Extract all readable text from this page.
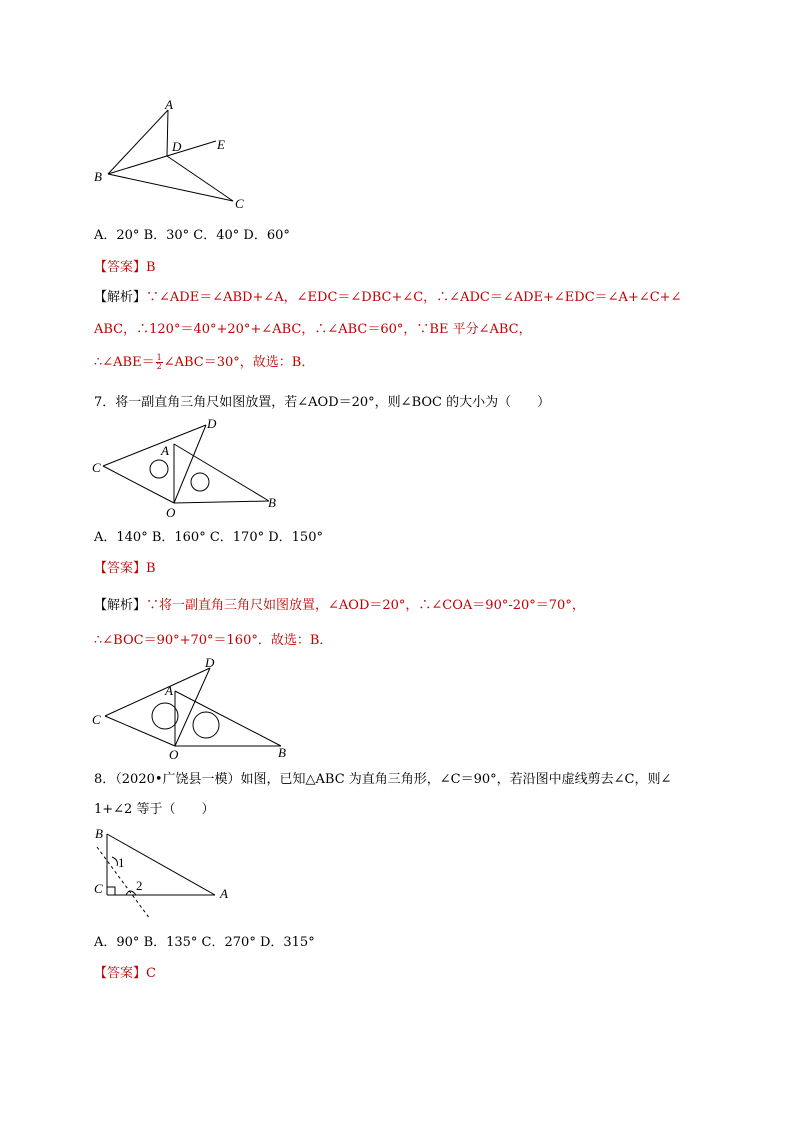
A
D	E
B
C
A．20° B．30° C．40° D．60°
【答案】B
【解析】∵∠ADE＝∠ABD+∠A，∠EDC＝∠DBC+∠C，∴∠ADC＝∠ADE+∠EDC＝∠A+∠C+∠
ABC，∴120°＝40°+20°+∠ABC，∴∠ABC＝60°，∵BE 平分∠ABC，
∴∠ABE＝ $\frac{1}{2}$ ∠ABC＝30°，故选：B．
7．将一副直角三角尺如图放置，若∠AOD＝20°，则∠BOC 的大小为（　　）
D
A
C
O
B
A．140° B．160° C．170° D．150°
【答案】B
【解析】∵将一副直角三角尺如图放置，∠AOD＝20°，∴∠COA＝90°-20°＝70°，
∴∠BOC＝90°+70°＝160°．故选：B．
D
A
C
O	B
8．（2020•广饶县一模）如图，已知△ABC 为直角三角形，∠C＝90°，若沿图中虚线剪去∠C，则∠
1+∠2 等于（　　）
B
C	A
1
2
A．90° B．135° C．270° D．315°
【答案】C
